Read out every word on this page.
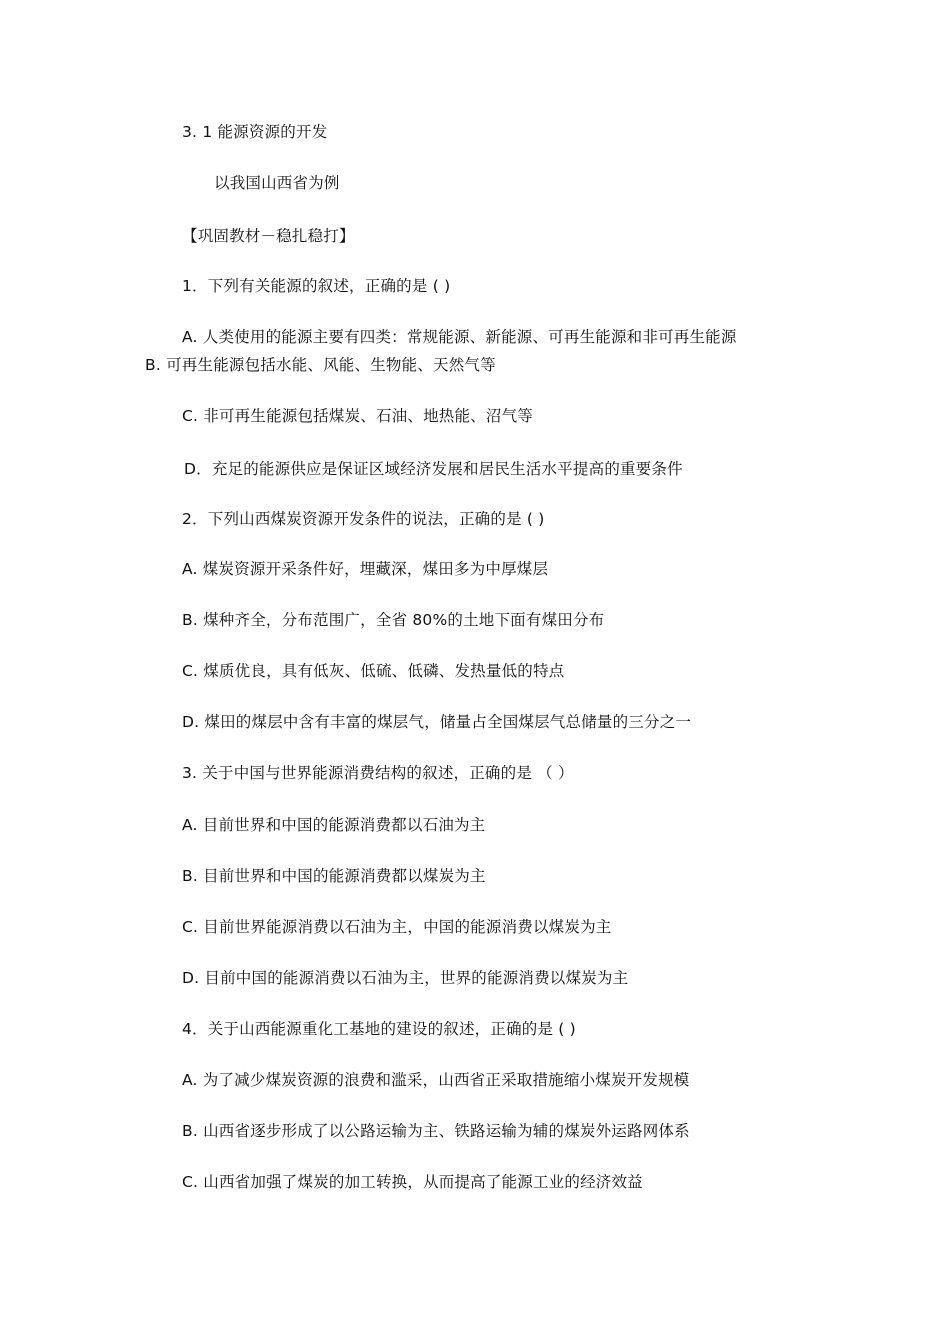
3. 1 能源资源的开发
以我国山西省为例
【巩固教材－稳扎稳打】
1．下列有关能源的叙述，正确的是 ( )
A. 人类使用的能源主要有四类：常规能源、新能源、可再生能源和非可再生能源
B. 可再生能源包括水能、风能、生物能、天然气等
C. 非可再生能源包括煤炭、石油、地热能、沼气等
D．充足的能源供应是保证区域经济发展和居民生活水平提高的重要条件
2．下列山西煤炭资源开发条件的说法，正确的是 ( )
A. 煤炭资源开采条件好，埋藏深，煤田多为中厚煤层
B. 煤种齐全，分布范围广，全省 80%的土地下面有煤田分布
C. 煤质优良，具有低灰、低硫、低磷、发热量低的特点
D. 煤田的煤层中含有丰富的煤层气，储量占全国煤层气总储量的三分之一
3. 关于中国与世界能源消费结构的叙述，正确的是 （ ）
A. 目前世界和中国的能源消费都以石油为主
B. 目前世界和中国的能源消费都以煤炭为主
C. 目前世界能源消费以石油为主，中国的能源消费以煤炭为主
D. 目前中国的能源消费以石油为主，世界的能源消费以煤炭为主
4．关于山西能源重化工基地的建设的叙述，正确的是 ( )
A. 为了减少煤炭资源的浪费和滥采，山西省正采取措施缩小煤炭开发规模
B. 山西省逐步形成了以公路运输为主、铁路运输为辅的煤炭外运路网体系
C. 山西省加强了煤炭的加工转换，从而提高了能源工业的经济效益
